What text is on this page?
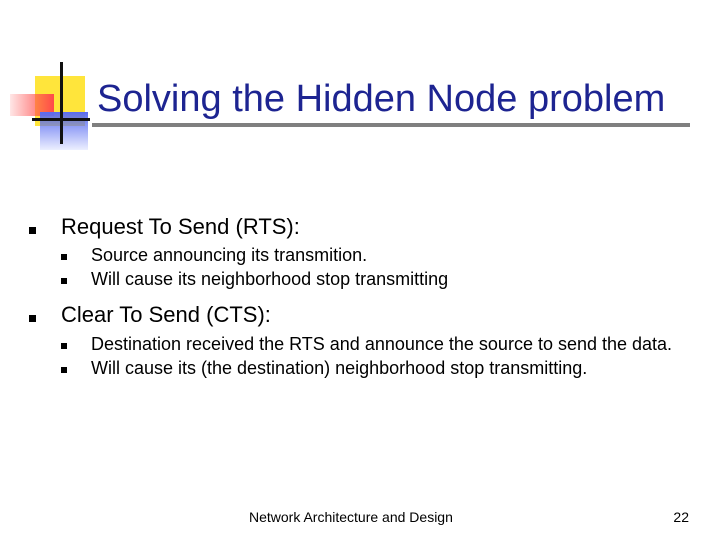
Solving the Hidden Node problem
Request To Send (RTS):
Source announcing its transmition.
Will cause its neighborhood stop transmitting
Clear To Send (CTS):
Destination received the RTS and announce the source to send the data.
Will cause its (the destination) neighborhood stop transmitting.
Network Architecture and Design	22
